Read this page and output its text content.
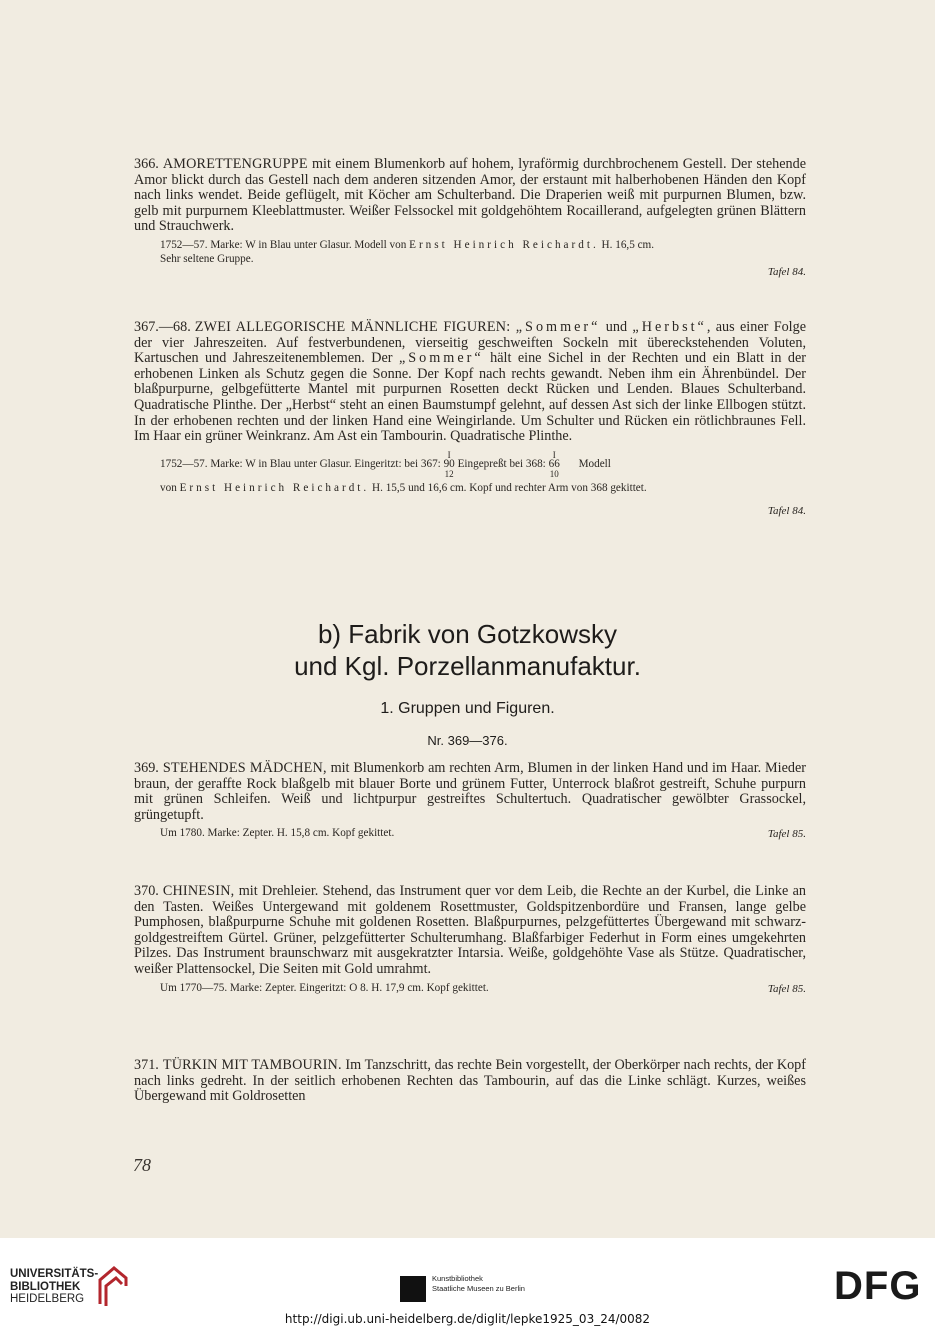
366. AMORETTENGRUPPE mit einem Blumenkorb auf hohem, lyraförmig durchbrochenem Gestell. Der stehende Amor blickt durch das Gestell nach dem anderen sitzenden Amor, der erstaunt mit halberhobenen Händen den Kopf nach links wendet. Beide geflügelt, mit Köcher am Schulterband. Die Draperien weiß mit purpurnen Blumen, bzw. gelb mit purpurnem Kleeblattmuster. Weißer Felssockel mit goldgehöhtem Rocaillerand, aufgelegten grünen Blättern und Strauchwerk.

1752—57. Marke: W in Blau unter Glasur. Modell von Ernst Heinrich Reichardt. H. 16,5 cm.
Sehr seltene Gruppe.
Tafel 84.

367.—68. ZWEI ALLEGORISCHE MÄNNLICHE FIGUREN: „Sommer“ und „Herbst“, aus einer Folge der vier Jahreszeiten. Auf festverbundenen, vierseitig geschweiften Sockeln mit übereckstehenden Voluten, Kartuschen und Jahreszeitenemblemen. Der „Sommer“ hält eine Sichel in der Rechten und ein Blatt in der erhobenen Linken als Schutz gegen die Sonne. Der Kopf nach rechts gewandt. Neben ihm ein Ährenbündel. Der blaßpurpurne, gelbgefütterte Mantel mit purpurnen Rosetten deckt Rücken und Lenden. Blaues Schulterband. Quadratische Plinthe. Der „Herbst“ steht an einen Baumstumpf gelehnt, auf dessen Ast sich der linke Ellbogen stützt. In der erhobenen rechten und der linken Hand eine Weingirlande. Um Schulter und Rücken ein rötlichbraunes Fell. Im Haar ein grüner Weinkranz. Am Ast ein Tambourin. Quadratische Plinthe.

1752—57. Marke: W in Blau unter Glasur. Eingeritzt: bei 367:
I
90
12
Eingepreßt bei 368:
I
66
10
Modell
von Ernst Heinrich Reichardt. H. 15,5 und 16,6 cm. Kopf und rechter Arm von 368 gekittet.
Tafel 84.
b) Fabrik von Gotzkowsky
und Kgl. Porzellanmanufaktur.
1. Gruppen und Figuren.
Nr. 369—376.

369. STEHENDES MÄDCHEN, mit Blumenkorb am rechten Arm, Blumen in der linken Hand und im Haar. Mieder braun, der geraffte Rock blaßgelb mit blauer Borte und grünem Futter, Unterrock blaßrot gestreift, Schuhe purpurn mit grünen Schleifen. Weiß und lichtpurpur gestreiftes Schultertuch. Quadratischer gewölbter Grassockel, grüngetupft.

Um 1780. Marke: Zepter. H. 15,8 cm. Kopf gekittet.	Tafel 85.

370. CHINESIN, mit Drehleier. Stehend, das Instrument quer vor dem Leib, die Rechte an der Kurbel, die Linke an den Tasten. Weißes Untergewand mit goldenem Rosettmuster, Goldspitzenbordüre und Fransen, lange gelbe Pumphosen, blaßpurpurne Schuhe mit goldenen Rosetten. Blaßpurpurnes, pelzgefüttertes Übergewand mit schwarz-goldgestreiftem Gürtel. Grüner, pelzgefütterter Schulterumhang. Blaßfarbiger Federhut in Form eines umgekehrten Pilzes. Das Instrument braunschwarz mit ausgekratzter Intarsia. Weiße, goldgehöhte Vase als Stütze. Quadratischer, weißer Plattensockel, Die Seiten mit Gold umrahmt.

Um 1770—75. Marke: Zepter. Eingeritzt: O 8. H. 17,9 cm. Kopf gekittet.	Tafel 85.

371. TÜRKIN MIT TAMBOURIN. Im Tanzschritt, das rechte Bein vorgestellt, der Oberkörper nach rechts, der Kopf nach links gedreht. In der seitlich erhobenen Rechten das Tambourin, auf das die Linke schlägt. Kurzes, weißes Übergewand mit Goldrosetten

78
UNIVERSITÄTS-
BIBLIOTHEK
HEIDELBERG
Kunstbibliothek
Staatliche Museen zu Berlin	DFG
http://digi.ub.uni-heidelberg.de/diglit/lepke1925_03_24/0082
